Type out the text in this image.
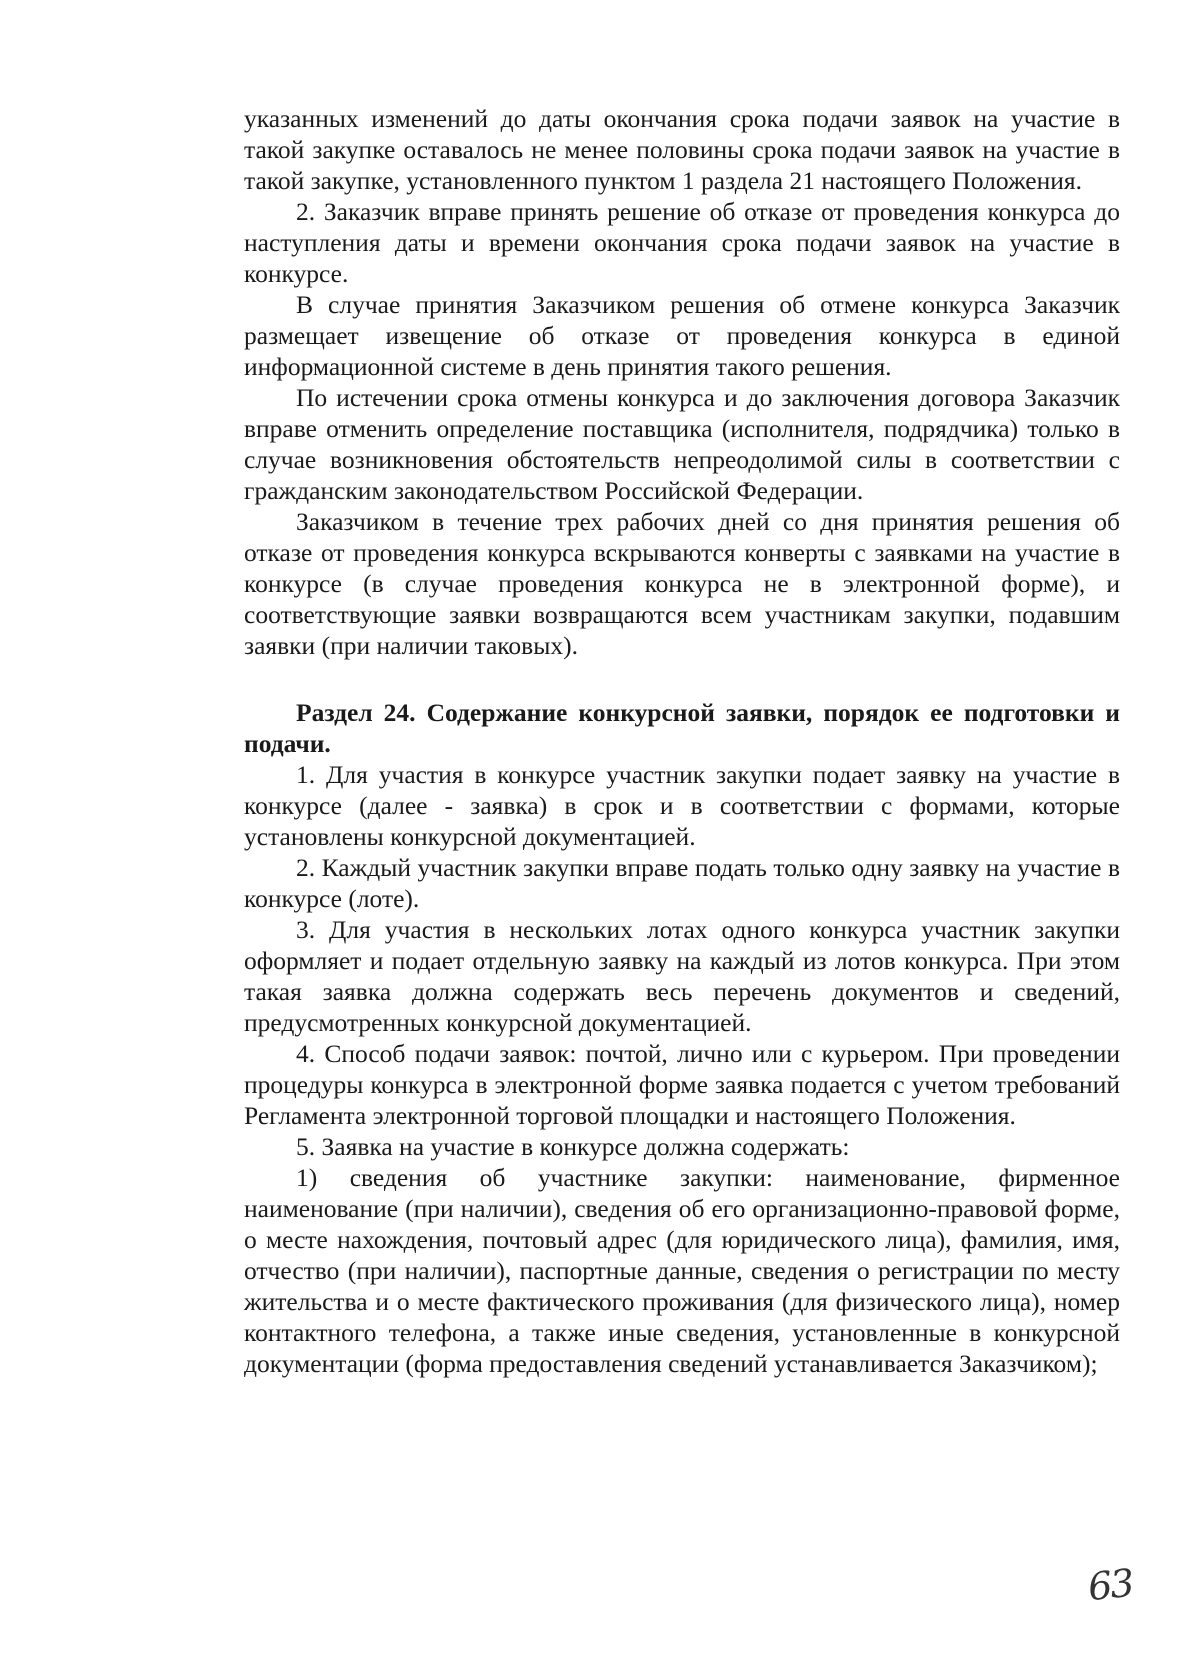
указанных изменений до даты окончания срока подачи заявок на участие в такой закупке оставалось не менее половины срока подачи заявок на участие в такой закупке, установленного пунктом 1 раздела 21 настоящего Положения.

2. Заказчик вправе принять решение об отказе от проведения конкурса до наступления даты и времени окончания срока подачи заявок на участие в конкурсе.

В случае принятия Заказчиком решения об отмене конкурса Заказчик размещает извещение об отказе от проведения конкурса в единой информационной системе в день принятия такого решения.

По истечении срока отмены конкурса и до заключения договора Заказчик вправе отменить определение поставщика (исполнителя, подрядчика) только в случае возникновения обстоятельств непреодолимой силы в соответствии с гражданским законодательством Российской Федерации.

Заказчиком в течение трех рабочих дней со дня принятия решения об отказе от проведения конкурса вскрываются конверты с заявками на участие в конкурсе (в случае проведения конкурса не в электронной форме), и соответствующие заявки возвращаются всем участникам закупки, подавшим заявки (при наличии таковых).

Раздел 24. Содержание конкурсной заявки, порядок ее подготовки и подачи.

1. Для участия в конкурсе участник закупки подает заявку на участие в конкурсе (далее - заявка) в срок и в соответствии с формами, которые установлены конкурсной документацией.

2. Каждый участник закупки вправе подать только одну заявку на участие в конкурсе (лоте).

3. Для участия в нескольких лотах одного конкурса участник закупки оформляет и подает отдельную заявку на каждый из лотов конкурса. При этом такая заявка должна содержать весь перечень документов и сведений, предусмотренных конкурсной документацией.

4. Способ подачи заявок: почтой, лично или с курьером. При проведении процедуры конкурса в электронной форме заявка подается с учетом требований Регламента электронной торговой площадки и настоящего Положения.

5. Заявка на участие в конкурсе должна содержать:

1) сведения об участнике закупки: наименование, фирменное наименование (при наличии), сведения об его организационно-правовой форме, о месте нахождения, почтовый адрес (для юридического лица), фамилия, имя, отчество (при наличии), паспортные данные, сведения о регистрации по месту жительства и о месте фактического проживания (для физического лица), номер контактного телефона, а также иные сведения, установленные в конкурсной документации (форма предоставления сведений устанавливается Заказчиком);

63
